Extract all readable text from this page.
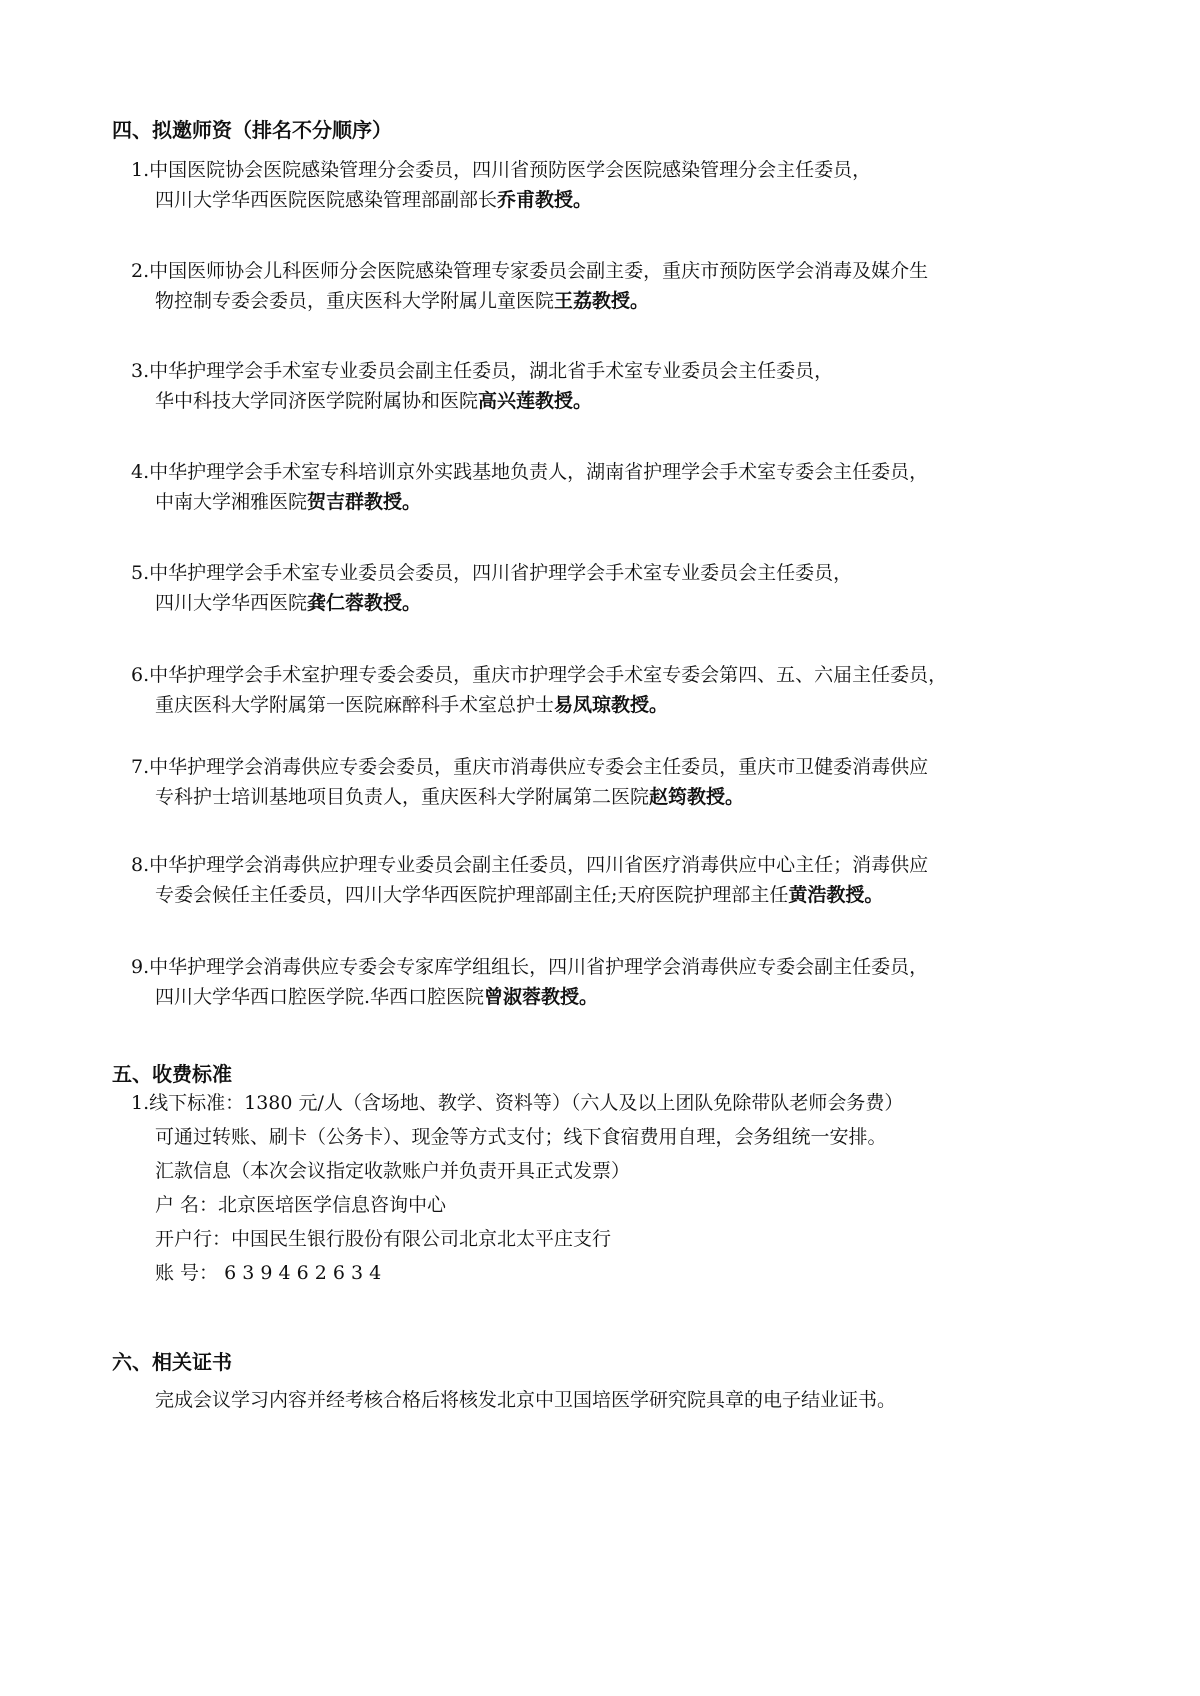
四、拟邀师资（排名不分顺序）
1.中国医院协会医院感染管理分会委员，四川省预防医学会医院感染管理分会主任委员，
四川大学华西医院医院感染管理部副部长乔甫教授。
2.中国医师协会儿科医师分会医院感染管理专家委员会副主委，重庆市预防医学会消毒及媒介生
物控制专委会委员，重庆医科大学附属儿童医院王荔教授。
3.中华护理学会手术室专业委员会副主任委员，湖北省手术室专业委员会主任委员，
华中科技大学同济医学院附属协和医院高兴莲教授。
4.中华护理学会手术室专科培训京外实践基地负责人，湖南省护理学会手术室专委会主任委员，
中南大学湘雅医院贺吉群教授。
5.中华护理学会手术室专业委员会委员，四川省护理学会手术室专业委员会主任委员，
四川大学华西医院龚仁蓉教授。
6.中华护理学会手术室护理专委会委员，重庆市护理学会手术室专委会第四、五、六届主任委员，
重庆医科大学附属第一医院麻醉科手术室总护士易凤琼教授。
7.中华护理学会消毒供应专委会委员，重庆市消毒供应专委会主任委员，重庆市卫健委消毒供应
专科护士培训基地项目负责人，重庆医科大学附属第二医院赵筠教授。
8.中华护理学会消毒供应护理专业委员会副主任委员，四川省医疗消毒供应中心主任；消毒供应
专委会候任主任委员，四川大学华西医院护理部副主任;天府医院护理部主任黄浩教授。
9.中华护理学会消毒供应专委会专家库学组组长，四川省护理学会消毒供应专委会副主任委员，
四川大学华西口腔医学院.华西口腔医院曾淑蓉教授。
五、收费标准
1.线下标准：1380 元/人（含场地、教学、资料等）（六人及以上团队免除带队老师会务费）
可通过转账、刷卡（公务卡）、现金等方式支付；线下食宿费用自理，会务组统一安排。
汇款信息（本次会议指定收款账户并负责开具正式发票）
户 名：北京医培医学信息咨询中心
开户行：中国民生银行股份有限公司北京北太平庄支行
账 号： 6 3 9 4 6 2 6 3 4
六、相关证书
完成会议学习内容并经考核合格后将核发北京中卫国培医学研究院具章的电子结业证书。
